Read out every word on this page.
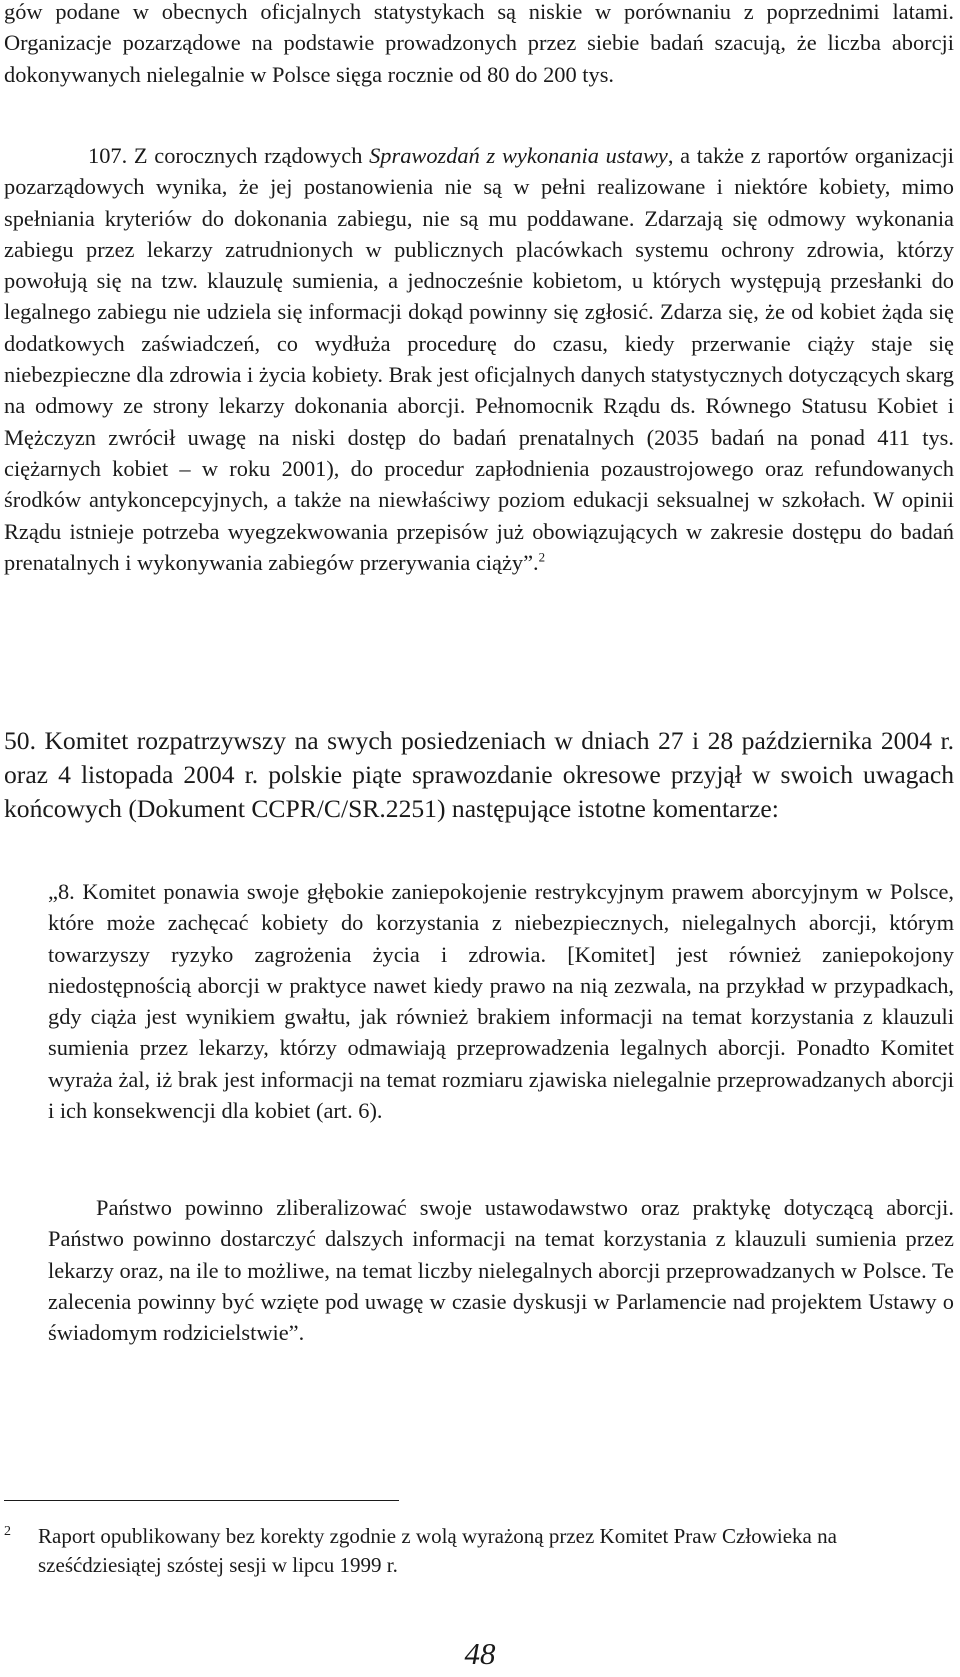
gów podane w obecnych oficjalnych statystykach są niskie w porównaniu z poprzednimi latami. Organizacje pozarządowe na podstawie prowadzonych przez siebie badań szacują, że liczba aborcji dokonywanych nielegalnie w Polsce sięga rocznie od 80 do 200 tys.

107. Z corocznych rządowych Sprawozdań z wykonania ustawy, a także z raportów organizacji pozarządowych wynika, że jej postanowienia nie są w pełni realizowane i niektóre kobiety, mimo spełniania kryteriów do dokonania zabiegu, nie są mu poddawane. Zdarzają się odmowy wykonania zabiegu przez lekarzy zatrudnionych w publicznych placówkach systemu ochrony zdrowia, którzy powołują się na tzw. klauzulę sumienia, a jednocześnie kobietom, u których występują przesłanki do legalnego zabiegu nie udziela się informacji dokąd powinny się zgłosić. Zdarza się, że od kobiet żąda się dodatkowych zaświadczeń, co wydłuża procedurę do czasu, kiedy przerwanie ciąży staje się niebezpieczne dla zdrowia i życia kobiety. Brak jest oficjalnych danych statystycznych dotyczących skarg na odmowy ze strony lekarzy dokonania aborcji. Pełnomocnik Rządu ds. Równego Statusu Kobiet i Mężczyzn zwrócił uwagę na niski dostęp do badań prenatalnych (2035 badań na ponad 411 tys. ciężarnych kobiet – w roku 2001), do procedur zapłodnienia pozaustrojowego oraz refundowanych środków antykoncepcyjnych, a także na niewłaściwy poziom edukacji seksualnej w szkołach. W opinii Rządu istnieje potrzeba wyegzekwowania przepisów już obowiązujących w zakresie dostępu do badań prenatalnych i wykonywania zabiegów przerywania ciąży”.$^2$

50. Komitet rozpatrzywszy na swych posiedzeniach w dniach 27 i 28 października 2004 r. oraz 4 listopada 2004 r. polskie piąte sprawozdanie okresowe przyjął w swoich uwagach końcowych (Dokument CCPR/C/SR.2251) następujące istotne komentarze:

„8. Komitet ponawia swoje głębokie zaniepokojenie restrykcyjnym prawem aborcyjnym w Polsce, które może zachęcać kobiety do korzystania z niebezpiecznych, nielegalnych aborcji, którym towarzyszy ryzyko zagrożenia życia i zdrowia. [Komitet] jest również zaniepokojony niedostępnością aborcji w praktyce nawet kiedy prawo na nią zezwala, na przykład w przypadkach, gdy ciąża jest wynikiem gwałtu, jak również brakiem informacji na temat korzystania z klauzuli sumienia przez lekarzy, którzy odmawiają przeprowadzenia legalnych aborcji. Ponadto Komitet wyraża żal, iż brak jest informacji na temat rozmiaru zjawiska nielegalnie przeprowadzanych aborcji i ich konsekwencji dla kobiet (art. 6).

Państwo powinno zliberalizować swoje ustawodawstwo oraz praktykę dotyczącą aborcji. Państwo powinno dostarczyć dalszych informacji na temat korzystania z klauzuli sumienia przez lekarzy oraz, na ile to możliwe, na temat liczby nielegalnych aborcji przeprowadzanych w Polsce. Te zalecenia powinny być wzięte pod uwagę w czasie dyskusji w Parlamencie nad projektem Ustawy o świadomym rodzicielstwie”.

2 Raport opublikowany bez korekty zgodnie z wolą wyrażoną przez Komitet Praw Człowieka na sześćdziesiątej szóstej sesji w lipcu 1999 r.
48
